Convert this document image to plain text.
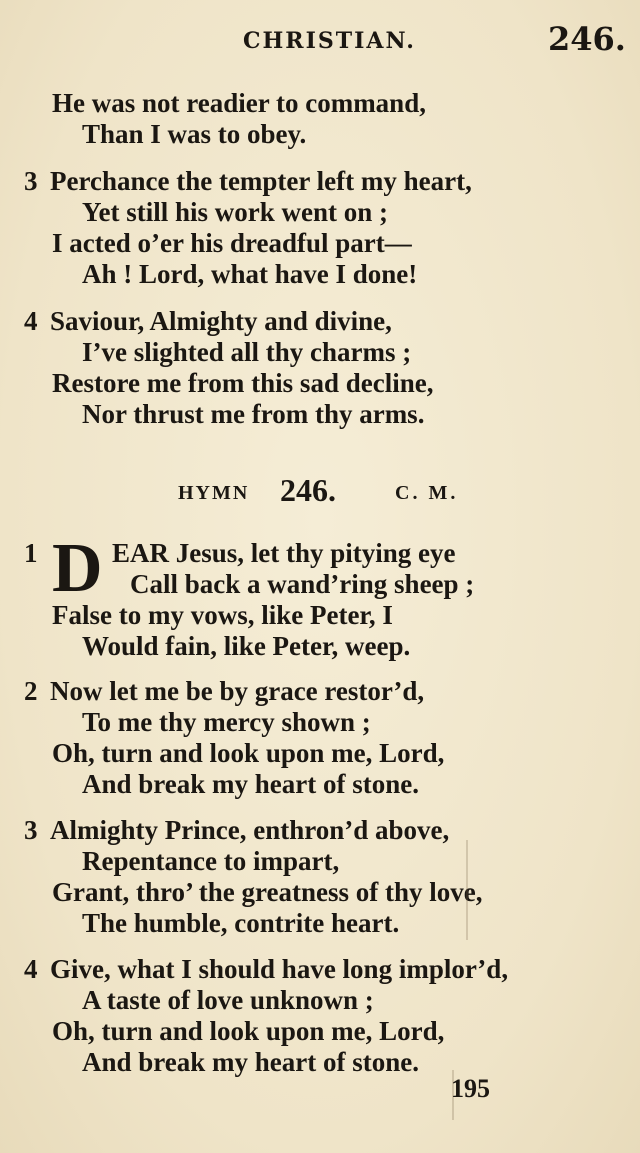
CHRISTIAN.	246.
He was not readier to command,
Than I was to obey.
3 Perchance the tempter left my heart,
Yet still his work went on ;
I acted o’er his dreadful part—
Ah ! Lord, what have I done!
4 Saviour, Almighty and divine,
I’ve slighted all thy charms ;
Restore me from this sad decline,
Nor thrust me from thy arms.
HYMN 246.	C. M.
1 D EAR Jesus, let thy pitying eye
Call back a wand’ring sheep ;
False to my vows, like Peter, I
Would fain, like Peter, weep.
2 Now let me be by grace restor’d,
To me thy mercy shown ;
Oh, turn and look upon me, Lord,
And break my heart of stone.
3 Almighty Prince, enthron’d above,
Repentance to impart,
Grant, thro’ the greatness of thy love,
The humble, contrite heart.
4 Give, what I should have long implor’d,
A taste of love unknown ;
Oh, turn and look upon me, Lord,
And break my heart of stone.
195
